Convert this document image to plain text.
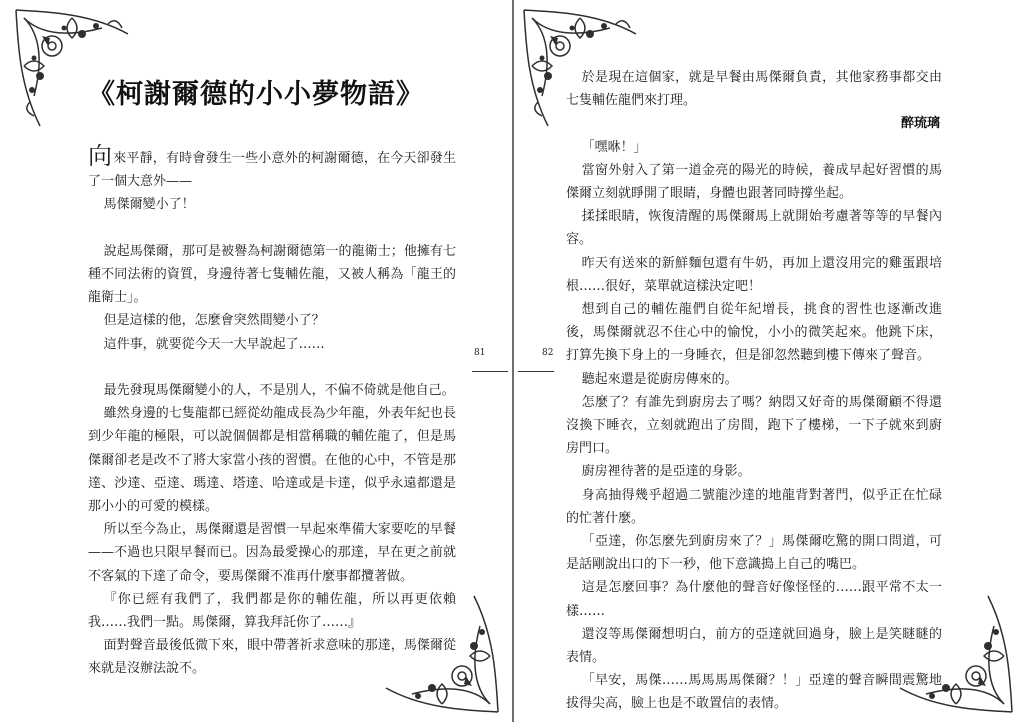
《柯謝爾德的小小夢物語》
醉琉璃

向來平靜，有時會發生一些小意外的柯謝爾德，在今天卻發生了一個大意外——

馬傑爾變小了！

說起馬傑爾，那可是被譽為柯謝爾德第一的龍衛士；他擁有七種不同法術的資質，身邊待著七隻輔佐龍，又被人稱為「龍王的龍衛士」。

但是這樣的他，怎麼會突然間變小了？

這件事，就要從今天一大早說起了……

最先發現馬傑爾變小的人，不是別人，不偏不倚就是他自己。

雖然身邊的七隻龍都已經從幼龍成長為少年龍，外表年紀也長到少年龍的極限，可以說個個都是相當稱職的輔佐龍了，但是馬傑爾卻老是改不了將大家當小孩的習慣。在他的心中，不管是那達、沙達、亞達、瑪達、塔達、哈達或是卡達，似乎永遠都還是那小小的可愛的模樣。

所以至今為止，馬傑爾還是習慣一早起來準備大家要吃的早餐——不過也只限早餐而已。因為最愛操心的那達，早在更之前就不客氣的下達了命令，要馬傑爾不准再什麼事都攬著做。

『你已經有我們了，我們都是你的輔佐龍，所以再更依賴我……我們一點。馬傑爾，算我拜託你了……』

面對聲音最後低微下來，眼中帶著祈求意味的那達，馬傑爾從來就是沒辦法說不。

81

於是現在這個家，就是早餐由馬傑爾負責，其他家務事都交由七隻輔佐龍們來打理。

「嘿咻！」

當窗外射入了第一道金亮的陽光的時候，養成早起好習慣的馬傑爾立刻就睜開了眼睛，身體也跟著同時撐坐起。

揉揉眼睛，恢復清醒的馬傑爾馬上就開始考慮著等等的早餐內容。

昨天有送來的新鮮麵包還有牛奶，再加上還沒用完的雞蛋跟培根……很好，菜單就這樣決定吧！

想到自己的輔佐龍們自從年紀增長，挑食的習性也逐漸改進後，馬傑爾就忍不住心中的愉悅，小小的微笑起來。他跳下床，打算先換下身上的一身睡衣，但是卻忽然聽到樓下傳來了聲音。

聽起來還是從廚房傳來的。

怎麼了？有誰先到廚房去了嗎？納悶又好奇的馬傑爾顧不得還沒換下睡衣，立刻就跑出了房間，跑下了樓梯，一下子就來到廚房門口。

廚房裡待著的是亞達的身影。

身高抽得幾乎超過二號龍沙達的地龍背對著門，似乎正在忙碌的忙著什麼。

「亞達，你怎麼先到廚房來了？」馬傑爾吃驚的開口問道，可是話剛說出口的下一秒，他下意識搗上自己的嘴巴。

這是怎麼回事？為什麼他的聲音好像怪怪的……跟平常不太一樣……

還沒等馬傑爾想明白，前方的亞達就回過身，臉上是笑瞇瞇的表情。

「早安，馬傑……馬馬馬馬傑爾？！」亞達的聲音瞬間震驚地拔得尖高，臉上也是不敢置信的表情。

82
